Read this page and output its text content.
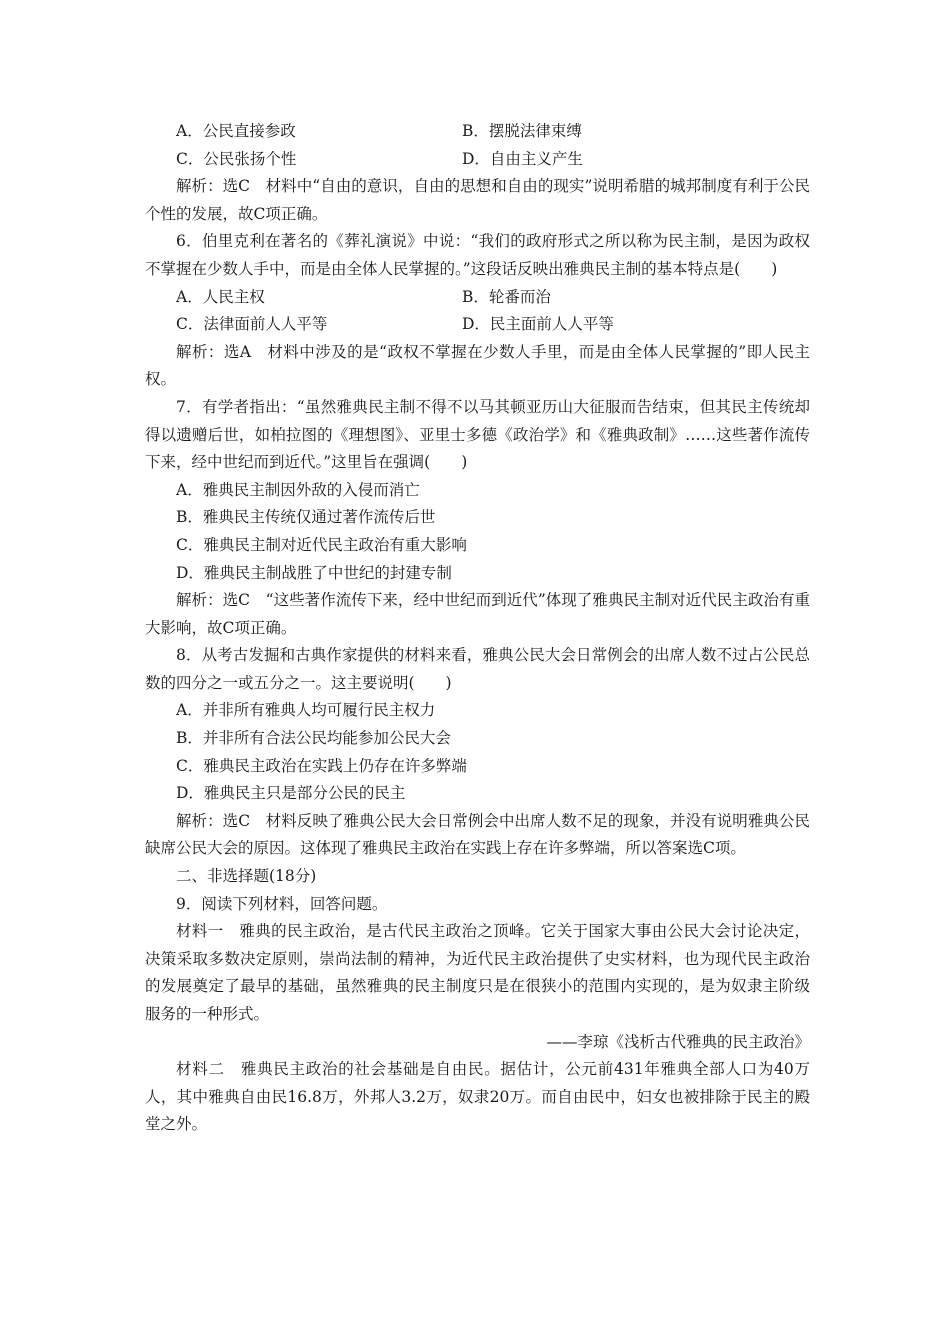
A．公民直接参政	B．摆脱法律束缚
C．公民张扬个性	D．自由主义产生
解析：选C　材料中“自由的意识，自由的思想和自由的现实”说明希腊的城邦制度有利于公民个性的发展，故C项正确。
6．伯里克利在著名的《葬礼演说》中说：“我们的政府形式之所以称为民主制，是因为政权不掌握在少数人手中，而是由全体人民掌握的。”这段话反映出雅典民主制的基本特点是(　　)
A．人民主权	B．轮番而治
C．法律面前人人平等	D．民主面前人人平等
解析：选A　材料中涉及的是“政权不掌握在少数人手里，而是由全体人民掌握的”即人民主权。
7．有学者指出：“虽然雅典民主制不得不以马其顿亚历山大征服而告结束，但其民主传统却得以遗赠后世，如柏拉图的《理想图》、亚里士多德《政治学》和《雅典政制》……这些著作流传下来，经中世纪而到近代。”这里旨在强调(　　)
A．雅典民主制因外敌的入侵而消亡
B．雅典民主传统仅通过著作流传后世
C．雅典民主制对近代民主政治有重大影响
D．雅典民主制战胜了中世纪的封建专制
解析：选C　“这些著作流传下来，经中世纪而到近代”体现了雅典民主制对近代民主政治有重大影响，故C项正确。
8．从考古发掘和古典作家提供的材料来看，雅典公民大会日常例会的出席人数不过占公民总数的四分之一或五分之一。这主要说明(　　)
A．并非所有雅典人均可履行民主权力
B．并非所有合法公民均能参加公民大会
C．雅典民主政治在实践上仍存在许多弊端
D．雅典民主只是部分公民的民主
解析：选C　材料反映了雅典公民大会日常例会中出席人数不足的现象，并没有说明雅典公民缺席公民大会的原因。这体现了雅典民主政治在实践上存在许多弊端，所以答案选C项。
二、非选择题(18分)
9．阅读下列材料，回答问题。
材料一　雅典的民主政治，是古代民主政治之顶峰。它关于国家大事由公民大会讨论决定，决策采取多数决定原则，崇尚法制的精神，为近代民主政治提供了史实材料，也为现代民主政治的发展奠定了最早的基础，虽然雅典的民主制度只是在很狭小的范围内实现的，是为奴隶主阶级服务的一种形式。
——李琼《浅析古代雅典的民主政治》
材料二　雅典民主政治的社会基础是自由民。据估计，公元前431年雅典全部人口为40万人，其中雅典自由民16.8万，外邦人3.2万，奴隶20万。而自由民中，妇女也被排除于民主的殿堂之外。
